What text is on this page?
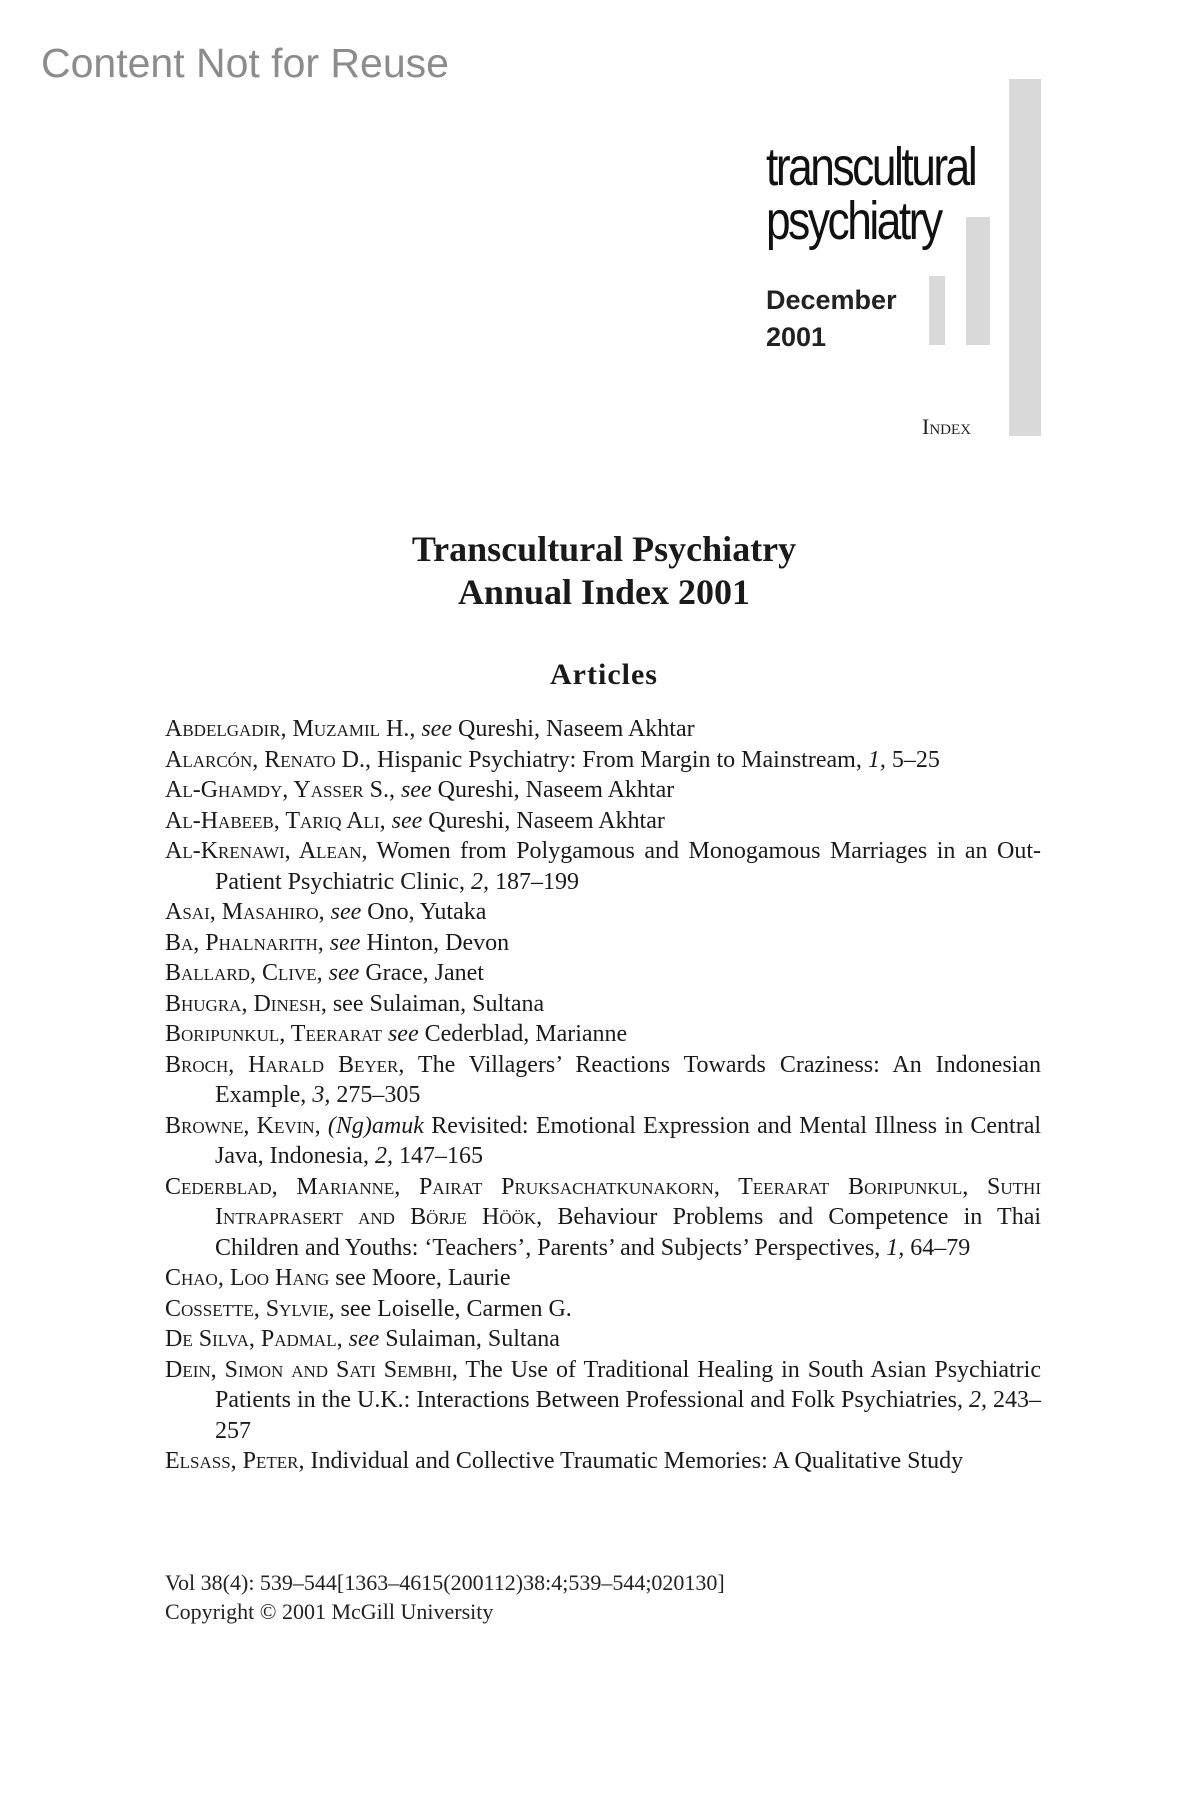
Content Not for Reuse
transcultural
psychiatry
December
2001
Index
Transcultural Psychiatry
Annual Index 2001
Articles
Abdelgadir, Muzamil H., see Qureshi, Naseem Akhtar
Alarcón, Renato D., Hispanic Psychiatry: From Margin to Mainstream, 1, 5–25
Al-Ghamdy, Yasser S., see Qureshi, Naseem Akhtar
Al-Habeeb, Tariq Ali, see Qureshi, Naseem Akhtar
Al-Krenawi, Alean, Women from Polygamous and Monogamous Marriages in an Out-Patient Psychiatric Clinic, 2, 187–199
Asai, Masahiro, see Ono, Yutaka
Ba, Phalnarith, see Hinton, Devon
Ballard, Clive, see Grace, Janet
Bhugra, Dinesh, see Sulaiman, Sultana
Boripunkul, Teerarat see Cederblad, Marianne
Broch, Harald Beyer, The Villagers’ Reactions Towards Craziness: An Indonesian Example, 3, 275–305
Browne, Kevin, (Ng)amuk Revisited: Emotional Expression and Mental Illness in Central Java, Indonesia, 2, 147–165
Cederblad, Marianne, Pairat Pruksachatkunakorn, Teerarat Boripunkul, Suthi Intraprasert and Börje Höök, Behaviour Problems and Competence in Thai Children and Youths: ‘Teachers’, Parents’ and Subjects’ Perspectives, 1, 64–79
Chao, Loo Hang see Moore, Laurie
Cossette, Sylvie, see Loiselle, Carmen G.
De Silva, Padmal, see Sulaiman, Sultana
Dein, Simon and Sati Sembhi, The Use of Traditional Healing in South Asian Psychiatric Patients in the U.K.: Interactions Between Professional and Folk Psychiatries, 2, 243–257
Elsass, Peter, Individual and Collective Traumatic Memories: A Qualitative Study
Vol 38(4): 539–544[1363–4615(200112)38:4;539–544;020130]
Copyright © 2001 McGill University
